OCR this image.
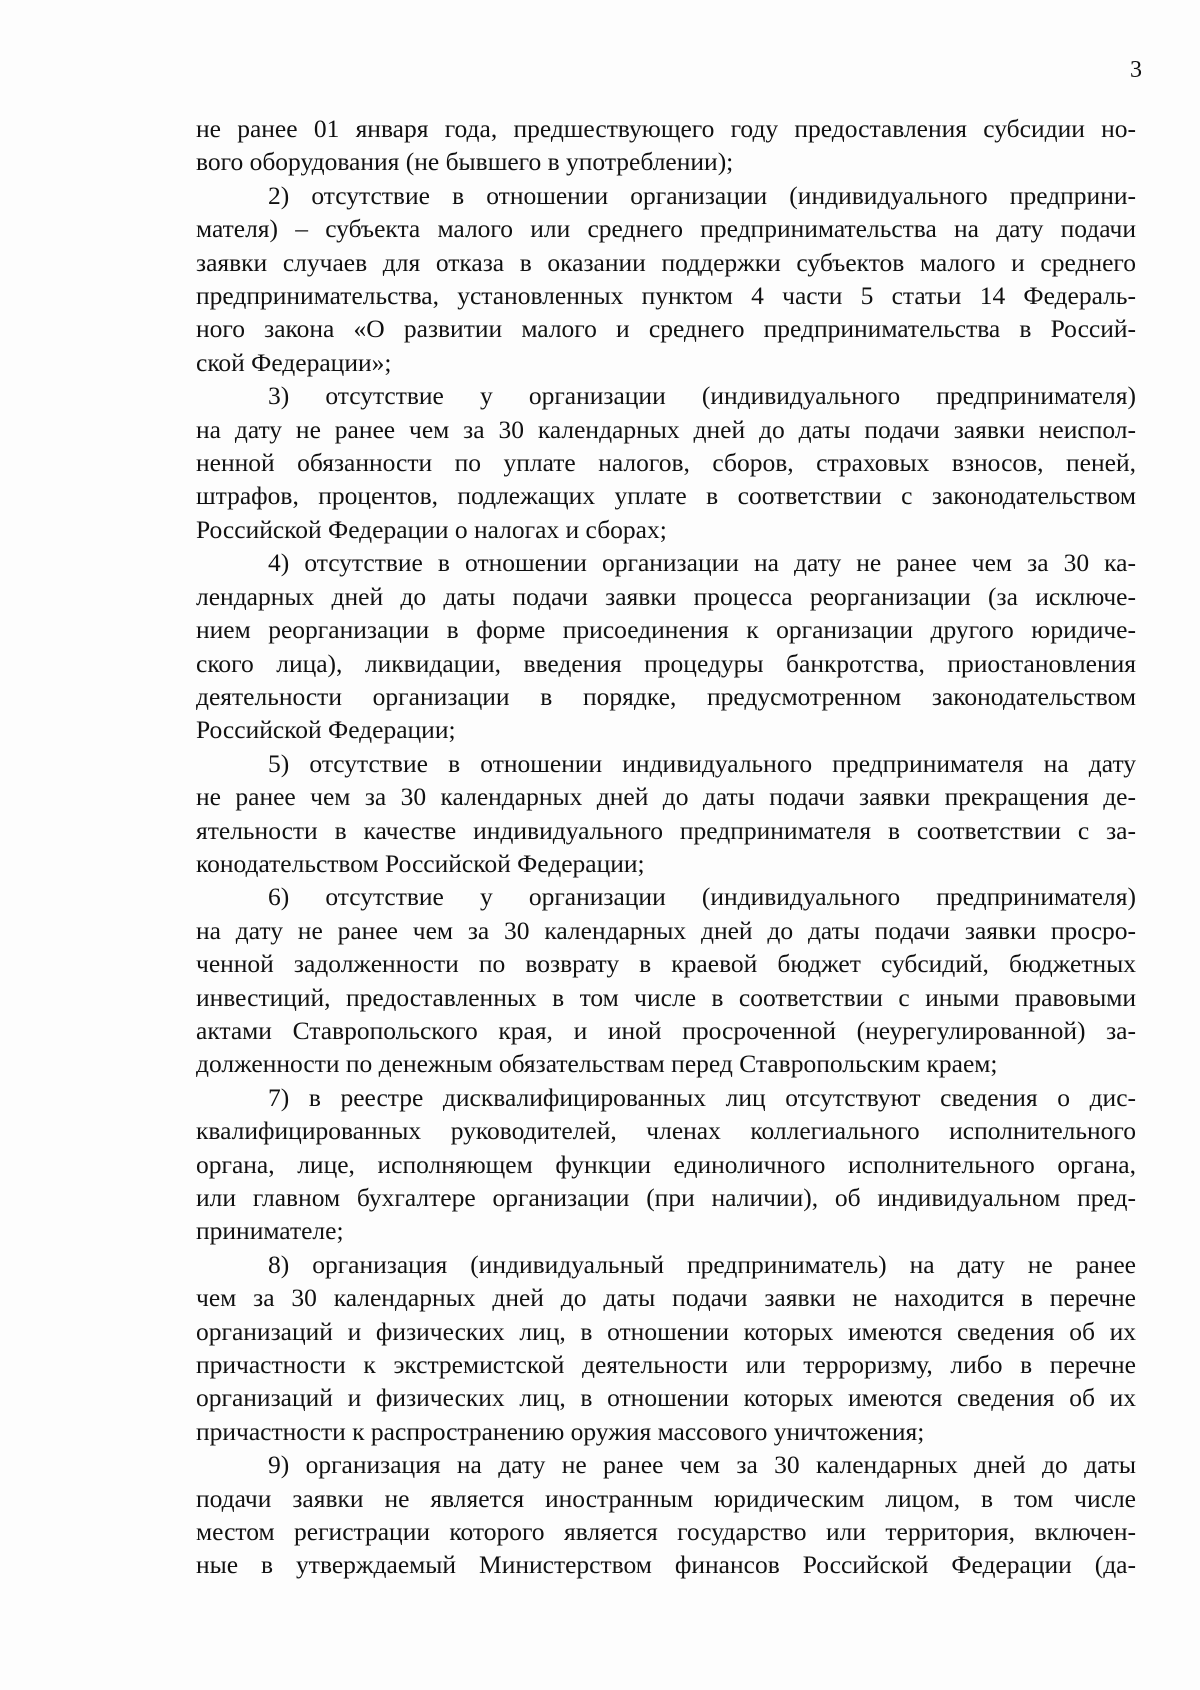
3
не ранее 01 января года, предшествующего году предоставления субсидии но-
вого оборудования (не бывшего в употреблении);
2) отсутствие в отношении организации (индивидуального предприни-
мателя) – субъекта малого или среднего предпринимательства на дату подачи
заявки случаев для отказа в оказании поддержки субъектов малого и среднего
предпринимательства, установленных пунктом 4 части 5 статьи 14 Федераль-
ного закона «О развитии малого и среднего предпринимательства в Россий-
ской Федерации»;
3) отсутствие у организации (индивидуального предпринимателя)
на дату не ранее чем за 30 календарных дней до даты подачи заявки неиспол-
ненной обязанности по уплате налогов, сборов, страховых взносов, пеней,
штрафов, процентов, подлежащих уплате в соответствии с законодательством
Российской Федерации о налогах и сборах;
4) отсутствие в отношении организации на дату не ранее чем за 30 ка-
лендарных дней до даты подачи заявки процесса реорганизации (за исключе-
нием реорганизации в форме присоединения к организации другого юридиче-
ского лица), ликвидации, введения процедуры банкротства, приостановления
деятельности организации в порядке, предусмотренном законодательством
Российской Федерации;
5) отсутствие в отношении индивидуального предпринимателя на дату
не ранее чем за 30 календарных дней до даты подачи заявки прекращения де-
ятельности в качестве индивидуального предпринимателя в соответствии с за-
конодательством Российской Федерации;
6) отсутствие у организации (индивидуального предпринимателя)
на дату не ранее чем за 30 календарных дней до даты подачи заявки просро-
ченной задолженности по возврату в краевой бюджет субсидий, бюджетных
инвестиций, предоставленных в том числе в соответствии с иными правовыми
актами Ставропольского края, и иной просроченной (неурегулированной) за-
долженности по денежным обязательствам перед Ставропольским краем;
7) в реестре дисквалифицированных лиц отсутствуют сведения о дис-
квалифицированных руководителей, членах коллегиального исполнительного
органа, лице, исполняющем функции единоличного исполнительного органа,
или главном бухгалтере организации (при наличии), об индивидуальном пред-
принимателе;
8) организация (индивидуальный предприниматель) на дату не ранее
чем за 30 календарных дней до даты подачи заявки не находится в перечне
организаций и физических лиц, в отношении которых имеются сведения об их
причастности к экстремистской деятельности или терроризму, либо в перечне
организаций и физических лиц, в отношении которых имеются сведения об их
причастности к распространению оружия массового уничтожения;
9) организация на дату не ранее чем за 30 календарных дней до даты
подачи заявки не является иностранным юридическим лицом, в том числе
местом регистрации которого является государство или территория, включен-
ные в утверждаемый Министерством финансов Российской Федерации (да-
